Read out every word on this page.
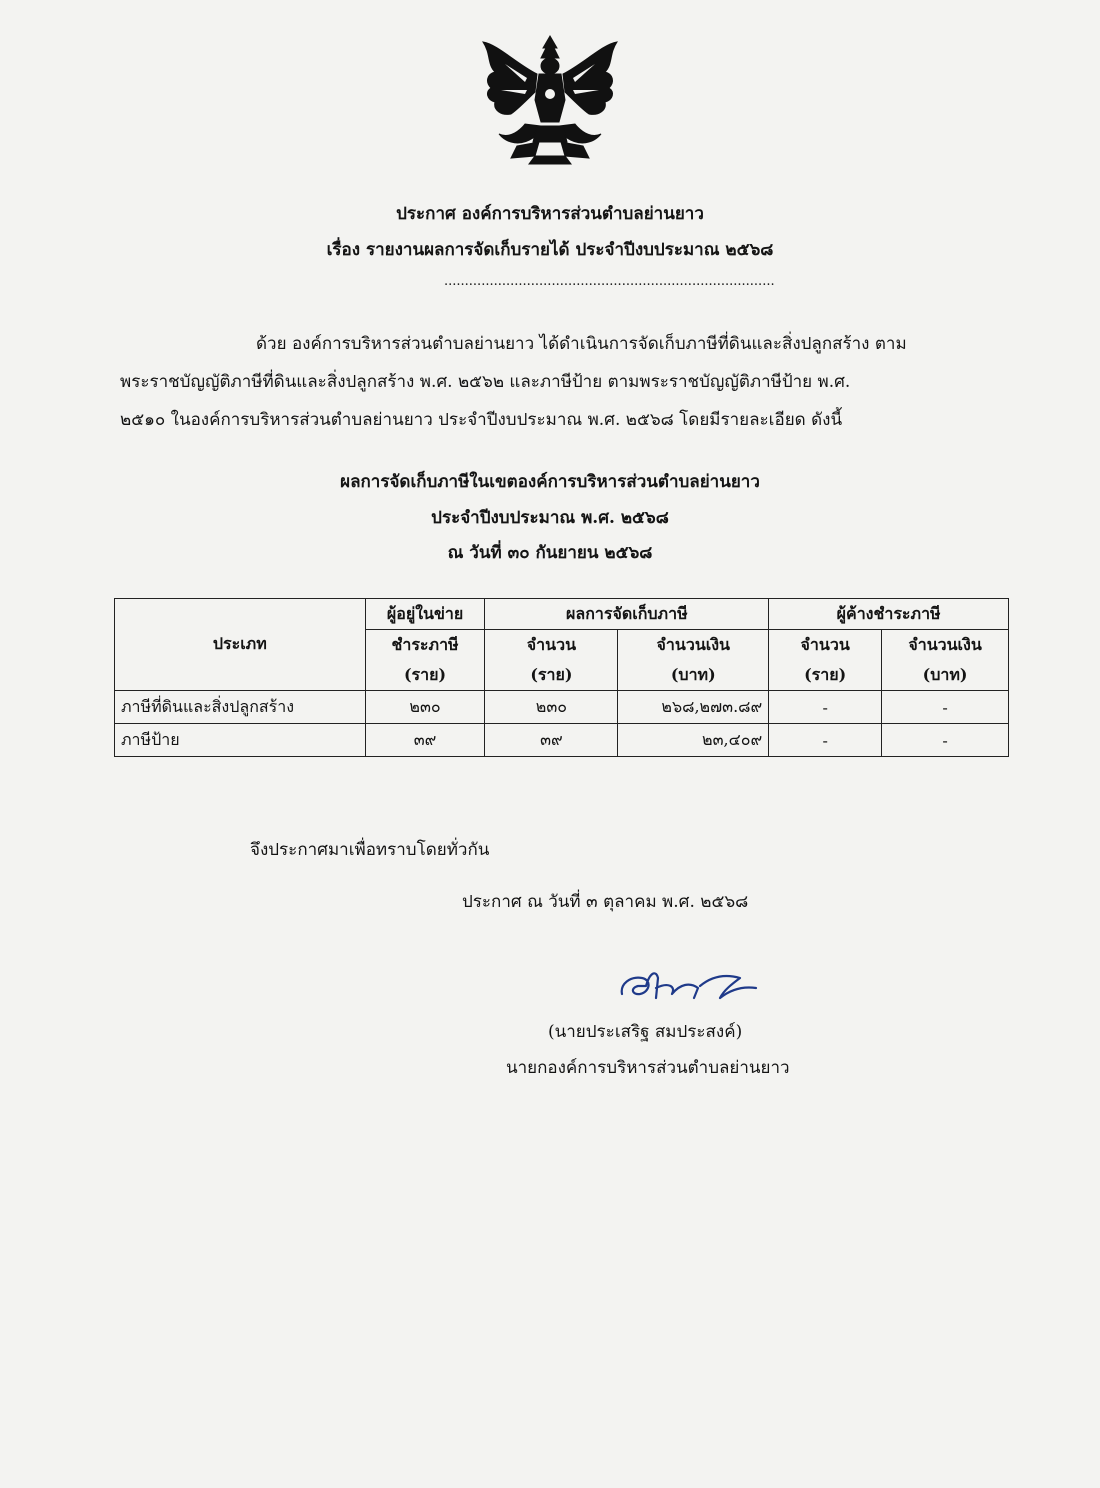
ประกาศ องค์การบริหารส่วนตำบลย่านยาว
เรื่อง รายงานผลการจัดเก็บรายได้ ประจำปีงบประมาณ ๒๕๖๘
................................................................................
ด้วย องค์การบริหารส่วนตำบลย่านยาว ได้ดำเนินการจัดเก็บภาษีที่ดินและสิ่งปลูกสร้าง ตาม
พระราชบัญญัติภาษีที่ดินและสิ่งปลูกสร้าง พ.ศ. ๒๕๖๒ และภาษีป้าย ตามพระราชบัญญัติภาษีป้าย พ.ศ.
๒๕๑๐ ในองค์การบริหารส่วนตำบลย่านยาว ประจำปีงบประมาณ พ.ศ. ๒๕๖๘ โดยมีรายละเอียด ดังนี้
ผลการจัดเก็บภาษีในเขตองค์การบริหารส่วนตำบลย่านยาว
ประจำปีงบประมาณ พ.ศ. ๒๕๖๘
ณ วันที่ ๓๐ กันยายน ๒๕๖๘
ประเภท	ผู้อยู่ในข่าย	ผลการจัดเก็บภาษี		ผู้ค้างชำระภาษี	
	ชำระภาษี	จำนวน	จำนวนเงิน	จำนวน	จำนวนเงิน
	(ราย)	(ราย)	(บาท)	(ราย)	(บาท)
ภาษีที่ดินและสิ่งปลูกสร้าง	๒๓๐	๒๓๐	๒๖๘,๒๗๓.๘๙	-	-
ภาษีป้าย	๓๙	๓๙	๒๓,๔๐๙	-	-
จึงประกาศมาเพื่อทราบโดยทั่วกัน
ประกาศ ณ วันที่ ๓ ตุลาคม พ.ศ. ๒๕๖๘
(นายประเสริฐ สมประสงค์)
นายกองค์การบริหารส่วนตำบลย่านยาว
